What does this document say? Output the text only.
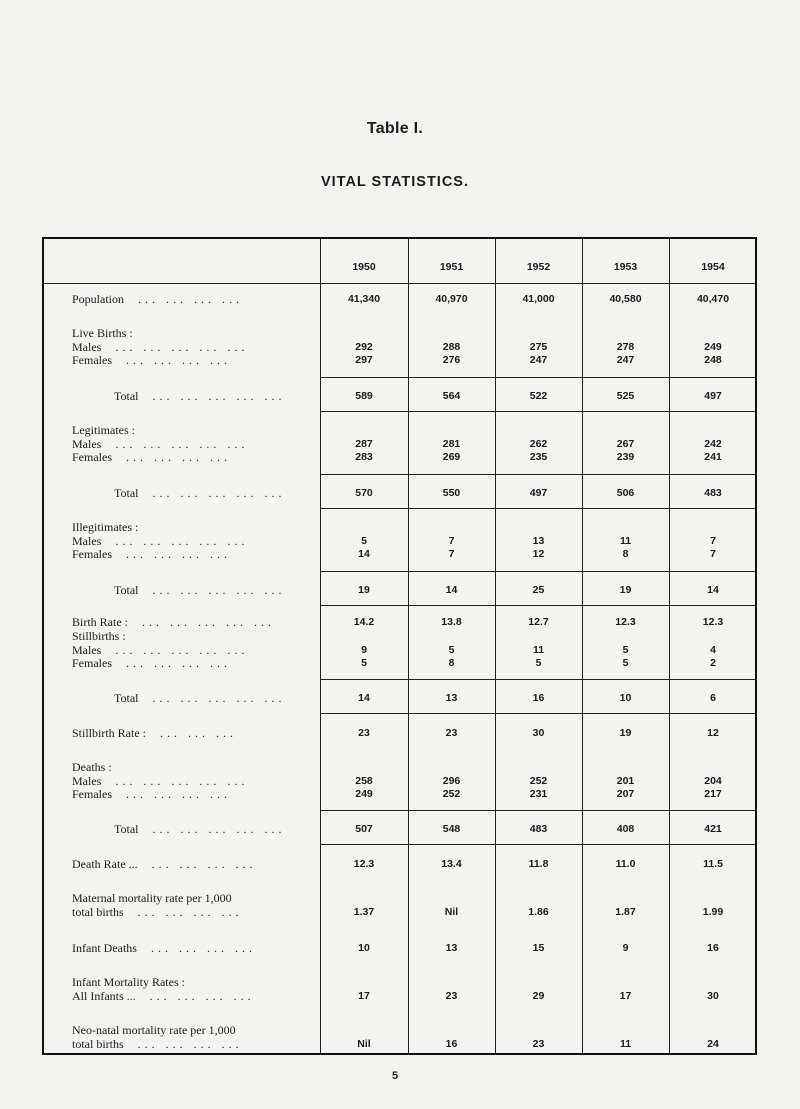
Table I.
VITAL STATISTICS.
1950	1951	1952	1953	1954
Population ... ... ... ...	41,340	40,970	41,000	40,580	40,470
Live Births :
Males ... ... ... ... ...	292	288	275	278	249
Females ... ... ... ...	297	276	247	247	248
Total ... ... ... ... ...	589	564	522	525	497
Legitimates :
Males ... ... ... ... ...	287	281	262	267	242
Females ... ... ... ...	283	269	235	239	241
Total ... ... ... ... ...	570	550	497	506	483
Illegitimates :
Males ... ... ... ... ...	5	7	13	11	7
Females ... ... ... ...	14	7	12	8	7
Total ... ... ... ... ...	19	14	25	19	14
Birth Rate : ... ... ... ... ...	14.2	13.8	12.7	12.3	12.3
Stillbirths :
Males ... ... ... ... ...	9	5	11	5	4
Females ... ... ... ...	5	8	5	5	2
Total ... ... ... ... ...	14	13	16	10	6
Stillbirth Rate : ... ... ...	23	23	30	19	12
Deaths :
Males ... ... ... ... ...	258	296	252	201	204
Females ... ... ... ...	249	252	231	207	217
Total ... ... ... ... ...	507	548	483	408	421
Death Rate ... ... ... ... ...	12.3	13.4	11.8	11.0	11.5
Maternal mortality rate per 1,000
total births ... ... ... ...	1.37	Nil	1.86	1.87	1.99
Infant Deaths ... ... ... ...	10	13	15	9	16
Infant Mortality Rates :
All Infants ... ... ... ... ...	17	23	29	17	30
Neo-natal mortality rate per 1,000
total births ... ... ... ...	Nil	16	23	11	24
5
